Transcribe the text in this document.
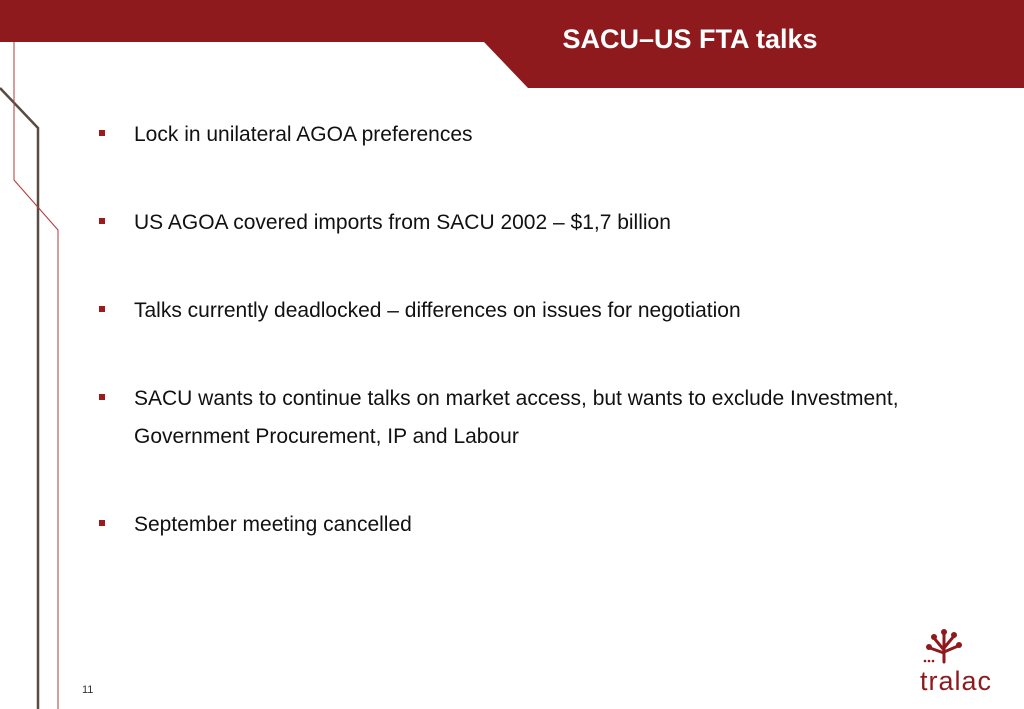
SACU–US FTA talks
Lock in unilateral AGOA preferences
US AGOA covered imports from SACU 2002 – $1,7 billion
Talks currently deadlocked – differences on issues for negotiation
SACU wants to continue talks on market access, but wants to exclude Investment, Government Procurement, IP and Labour
September meeting cancelled
11	tralac
